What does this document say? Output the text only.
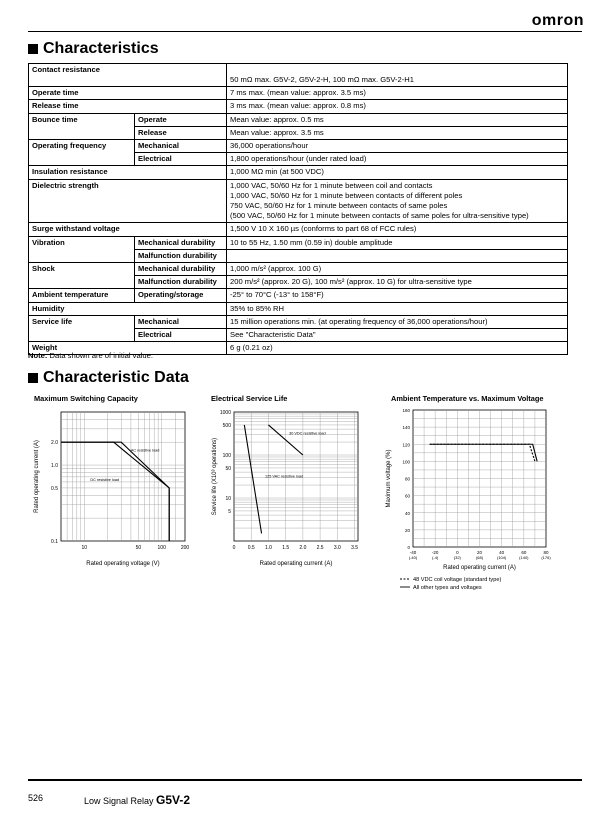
omron
Characteristics
Contact resistance		50 mΩ max. G5V-2, G5V-2-H, 100 mΩ max. G5V-2-H1

Operate time		7 ms max. (mean value: approx. 3.5 ms)

Release time		3 ms max. (mean value: approx. 0.8 ms)

Bounce time	Operate	Mean value: approx. 0.5 ms

	Release	Mean value: approx. 3.5 ms

Operating frequency	Mechanical	36,000 operations/hour

	Electrical	1,800 operations/hour (under rated load)

Insulation resistance		1,000 MΩ min (at 500 VDC)

Dielectric strength		1,000 VAC, 50/60 Hz for 1 minute between coil and contacts
1,000 VAC, 50/60 Hz for 1 minute between contacts of different poles
750 VAC, 50/60 Hz for 1 minute between contacts of same poles
(500 VAC, 50/60 Hz for 1 minute between contacts of same poles for ultra-sensitive type)

Surge withstand voltage		1,500 V 10 X 160 µs (conforms to part 68 of FCC rules)

Vibration	Mechanical durability	10 to 55 Hz, 1.50 mm (0.59 in) double amplitude

	Malfunction durability	

Shock	Mechanical durability	1,000 m/s² (approx. 100 G)

	Malfunction durability	200 m/s² (approx. 20 G), 100 m/s² (approx. 10 G) for ultra-sensitive type

Ambient temperature	Operating/storage	-25° to 70°C (-13° to 158°F)

Humidity		35% to 85% RH

Service life	Mechanical	15 million operations min. (at operating frequency of 36,000 operations/hour)

	Electrical	See "Characteristic Data"

Weight		6 g (0.21 oz)
Note: Data shown are of initial value.
Characteristic Data
Maximum Switching Capacity
10	50	100	200
2.0
1.0
0.5
0.1
AC resistive load
DC resistive load
Rated operating voltage (V)
Rated operating current (A)
Electrical Service Life
0 0.5 1.0 1.5 2.0 2.5 3.0 3.5
1000
500
100
50
10
5
30 VDC resistive load
125 VAC resistive load
Rated operating current (A)
Service life (X10³ operations)
Ambient Temperature vs. Maximum Voltage
-40	-20	0	20	40	60	80
(-40)	(-4)	(32)	(68)	(104)	(140)	(176)
160
140
120
100
80
60
40
20
0
Rated operating current (A)
Maximum voltage (%)
48 VDC coil voltage (standard type)
All other types and voltages
526	Low Signal Relay G5V-2
